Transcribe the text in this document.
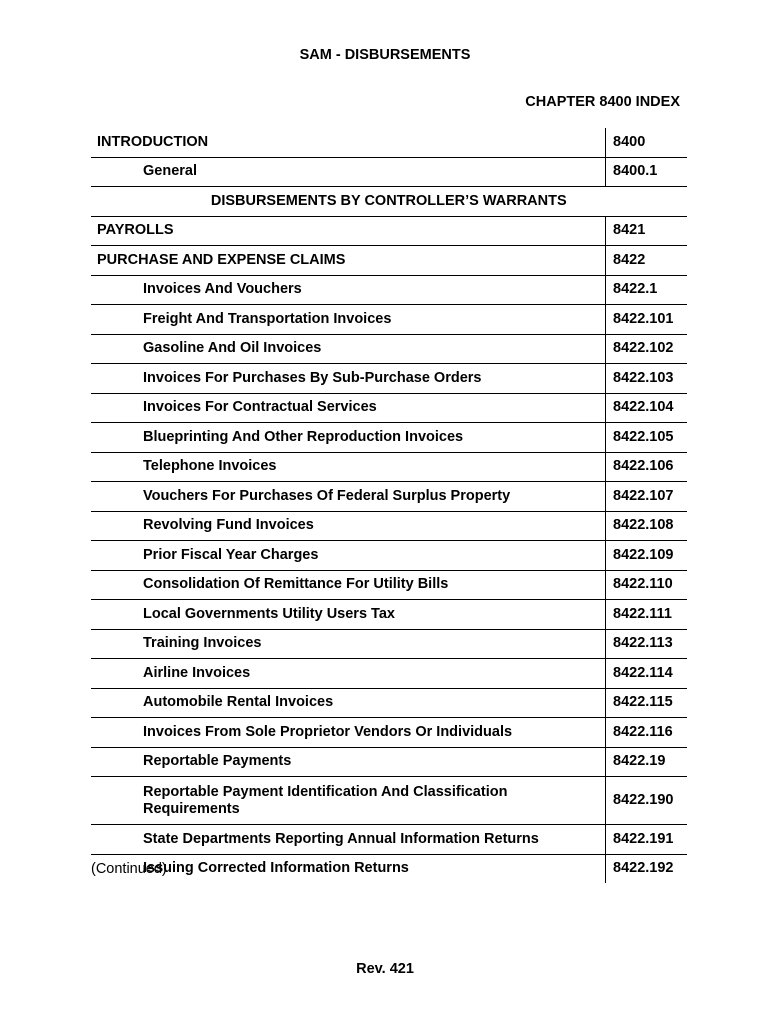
SAM - DISBURSEMENTS
CHAPTER 8400 INDEX
INTRODUCTION	8400
General	8400.1
DISBURSEMENTS BY CONTROLLER’S WARRANTS	
PAYROLLS	8421
PURCHASE AND EXPENSE CLAIMS	8422
Invoices And Vouchers	8422.1
Freight And Transportation Invoices	8422.101
Gasoline And Oil Invoices	8422.102
Invoices For Purchases By Sub-Purchase Orders	8422.103
Invoices For Contractual Services	8422.104
Blueprinting And Other Reproduction Invoices	8422.105
Telephone Invoices	8422.106
Vouchers For Purchases Of Federal Surplus Property	8422.107
Revolving Fund Invoices	8422.108
Prior Fiscal Year Charges	8422.109
Consolidation Of Remittance For Utility Bills	8422.110
Local Governments Utility Users Tax	8422.111
Training Invoices	8422.113
Airline Invoices	8422.114
Automobile Rental Invoices	8422.115
Invoices From Sole Proprietor Vendors Or Individuals	8422.116
Reportable Payments	8422.19
Reportable Payment Identification And Classification Requirements	8422.190
State Departments Reporting Annual Information Returns	8422.191
Issuing Corrected Information Returns	8422.192
(Continued)
Rev. 421
